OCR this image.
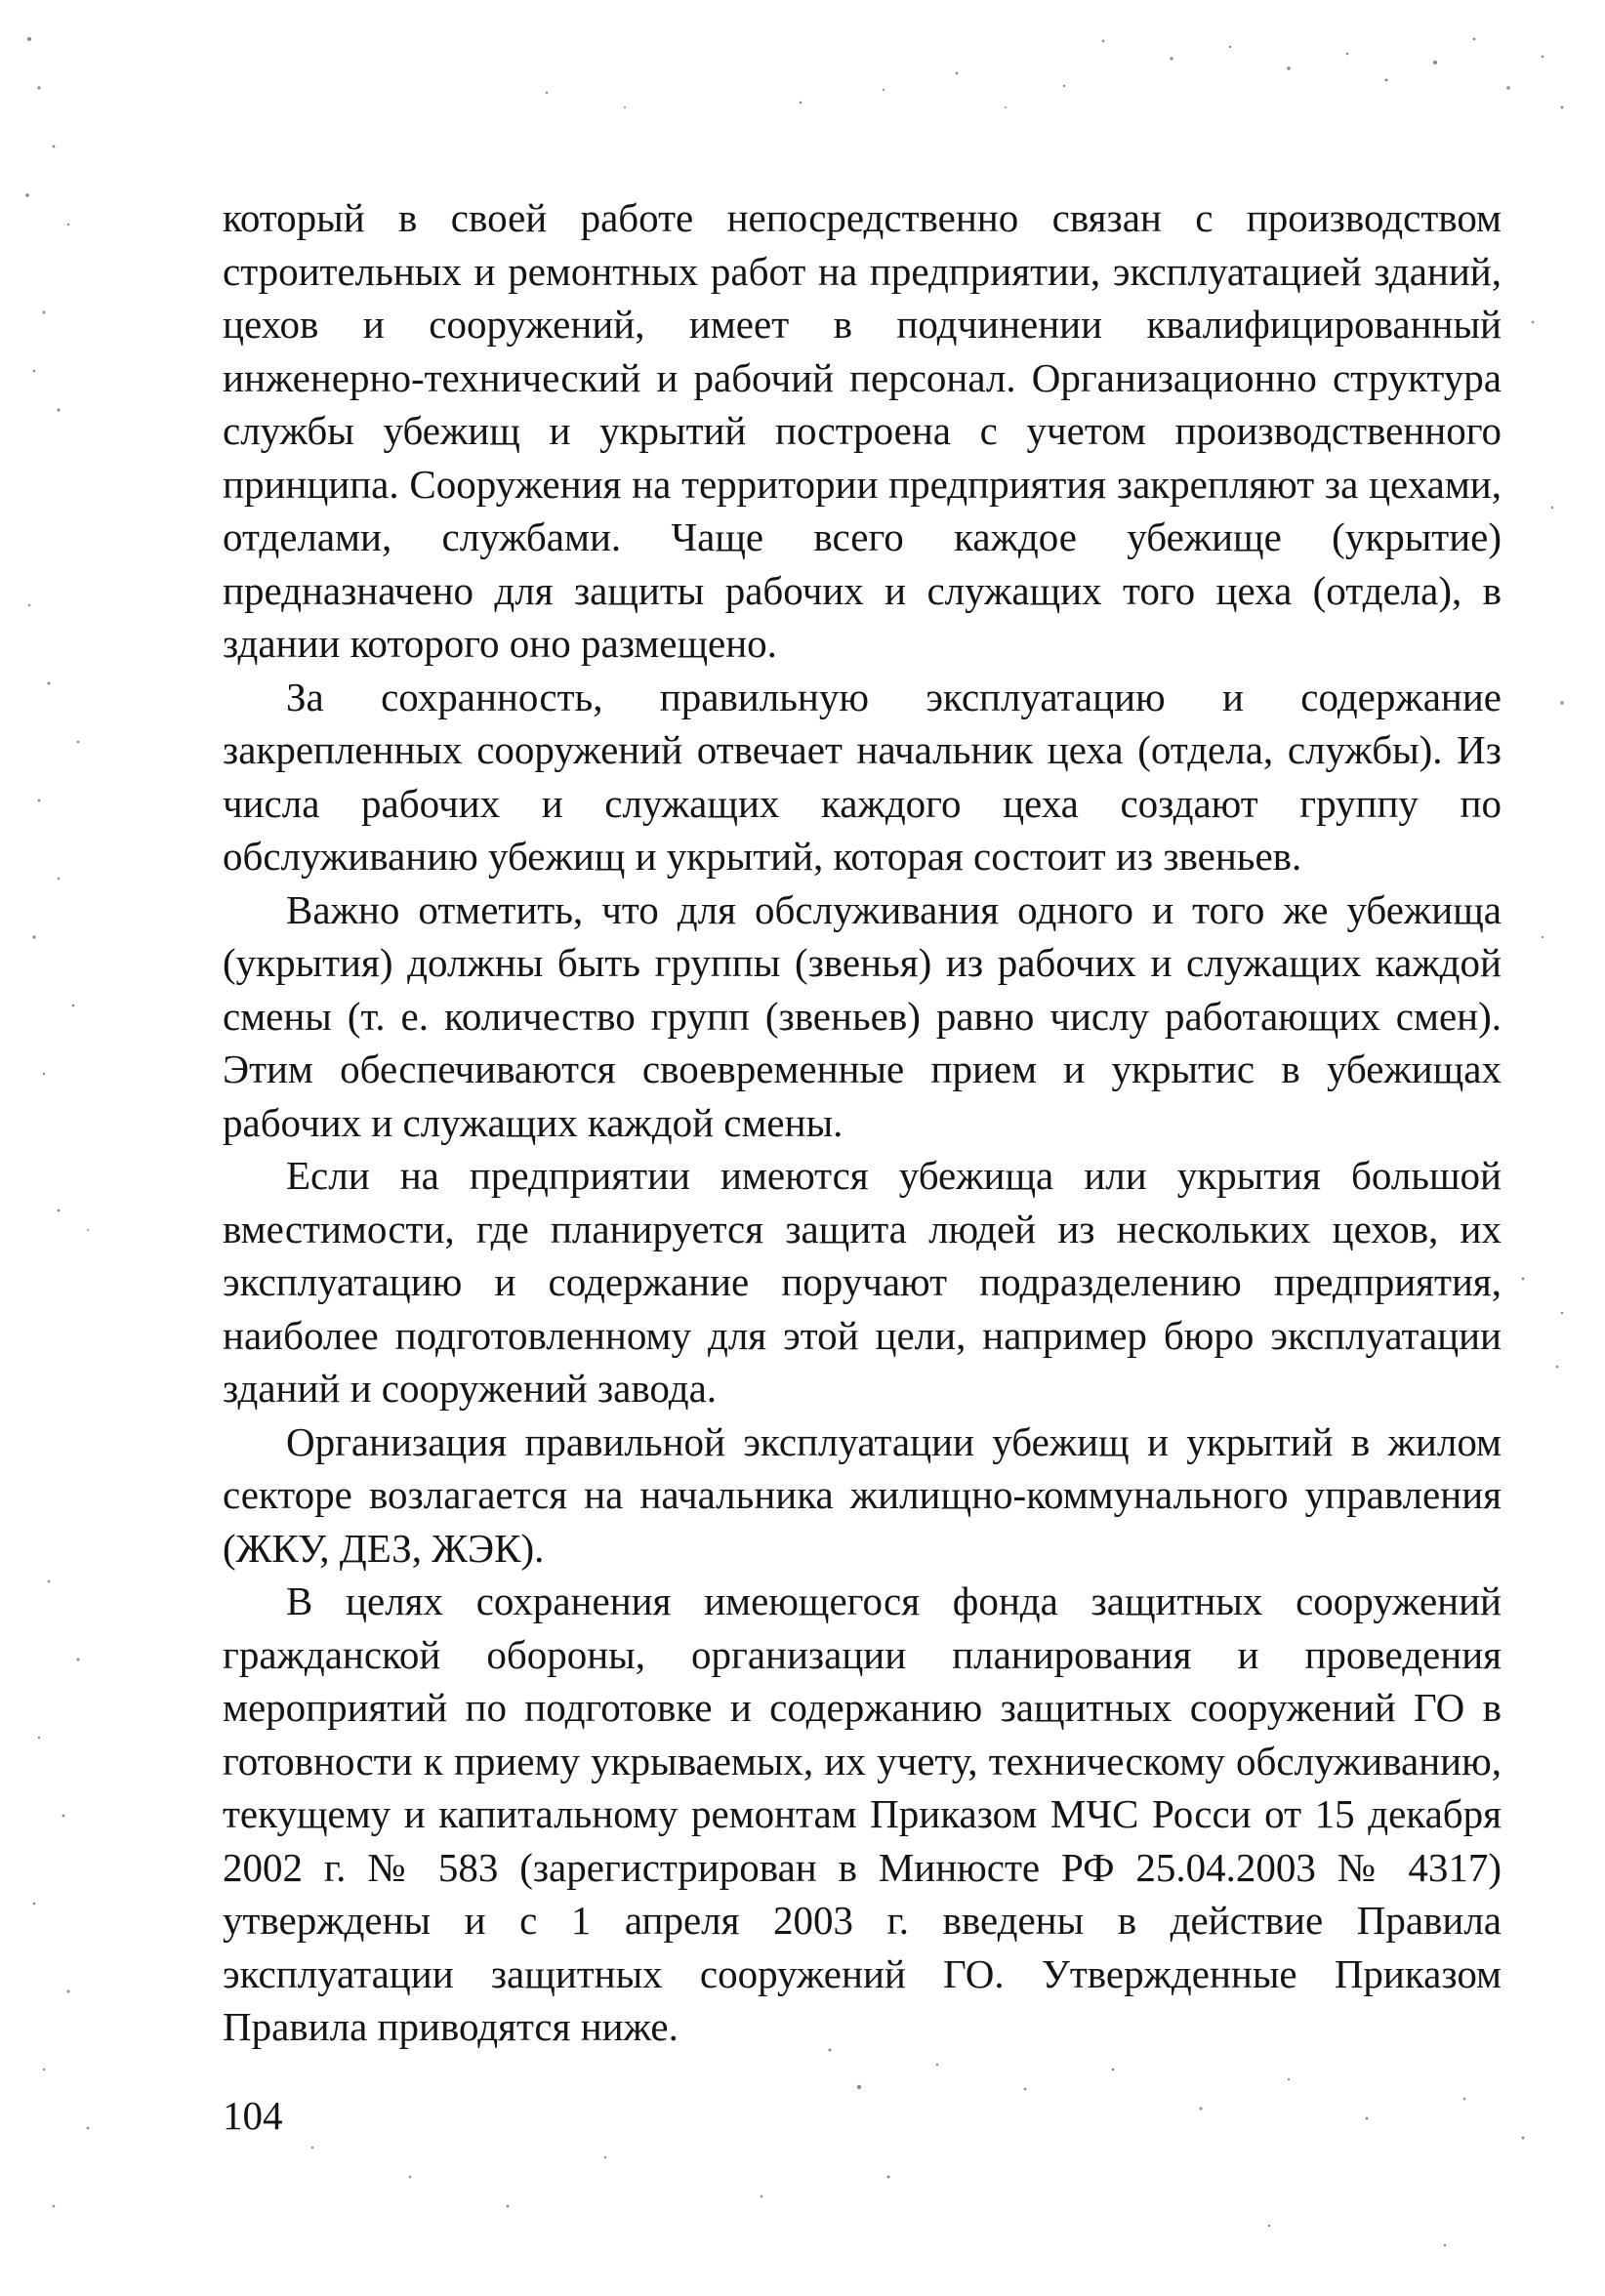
который в своей работе непосредственно связан с производством строительных и ремонтных работ на предприятии, эксплуатацией зданий, цехов и сооружений, имеет в подчинении квалифицированный инженерно-технический и рабочий персонал. Организационно структура службы убежищ и укрытий построена с учетом производственного принципа. Сооружения на территории предприятия закрепляют за цехами, отделами, службами. Чаще всего каждое убежище (укрытие) предназначено для защиты рабочих и служащих того цеха (отдела), в здании которого оно размещено.

За сохранность, правильную эксплуатацию и содержание закрепленных сооружений отвечает начальник цеха (отдела, службы). Из числа рабочих и служащих каждого цеха создают группу по обслуживанию убежищ и укрытий, которая состоит из звеньев.

Важно отметить, что для обслуживания одного и того же убежища (укрытия) должны быть группы (звенья) из рабочих и служащих каждой смены (т. е. количество групп (звеньев) равно числу работающих смен). Этим обеспечиваются своевременные прием и укрытис в убежищах рабочих и служащих каждой смены.

Если на предприятии имеются убежища или укрытия большой вместимости, где планируется защита людей из нескольких цехов, их эксплуатацию и содержание поручают подразделению предприятия, наиболее подготовленному для этой цели, например бюро эксплуатации зданий и сооружений завода.

Организация правильной эксплуатации убежищ и укрытий в жилом секторе возлагается на начальника жилищно-коммунального управления (ЖКУ, ДЕЗ, ЖЭК).

В целях сохранения имеющегося фонда защитных сооружений гражданской обороны, организации планирования и проведения мероприятий по подготовке и содержанию защитных сооружений ГО в готовности к приему укрываемых, их учету, техническому обслуживанию, текущему и капитальному ремонтам Приказом МЧС Росси от 15 декабря 2002 г. № 583 (зарегистрирован в Минюсте РФ 25.04.2003 № 4317) утверждены и с 1 апреля 2003 г. введены в действие Правила эксплуатации защитных сооружений ГО. Утвержденные Приказом Правила приводятся ниже.

104
